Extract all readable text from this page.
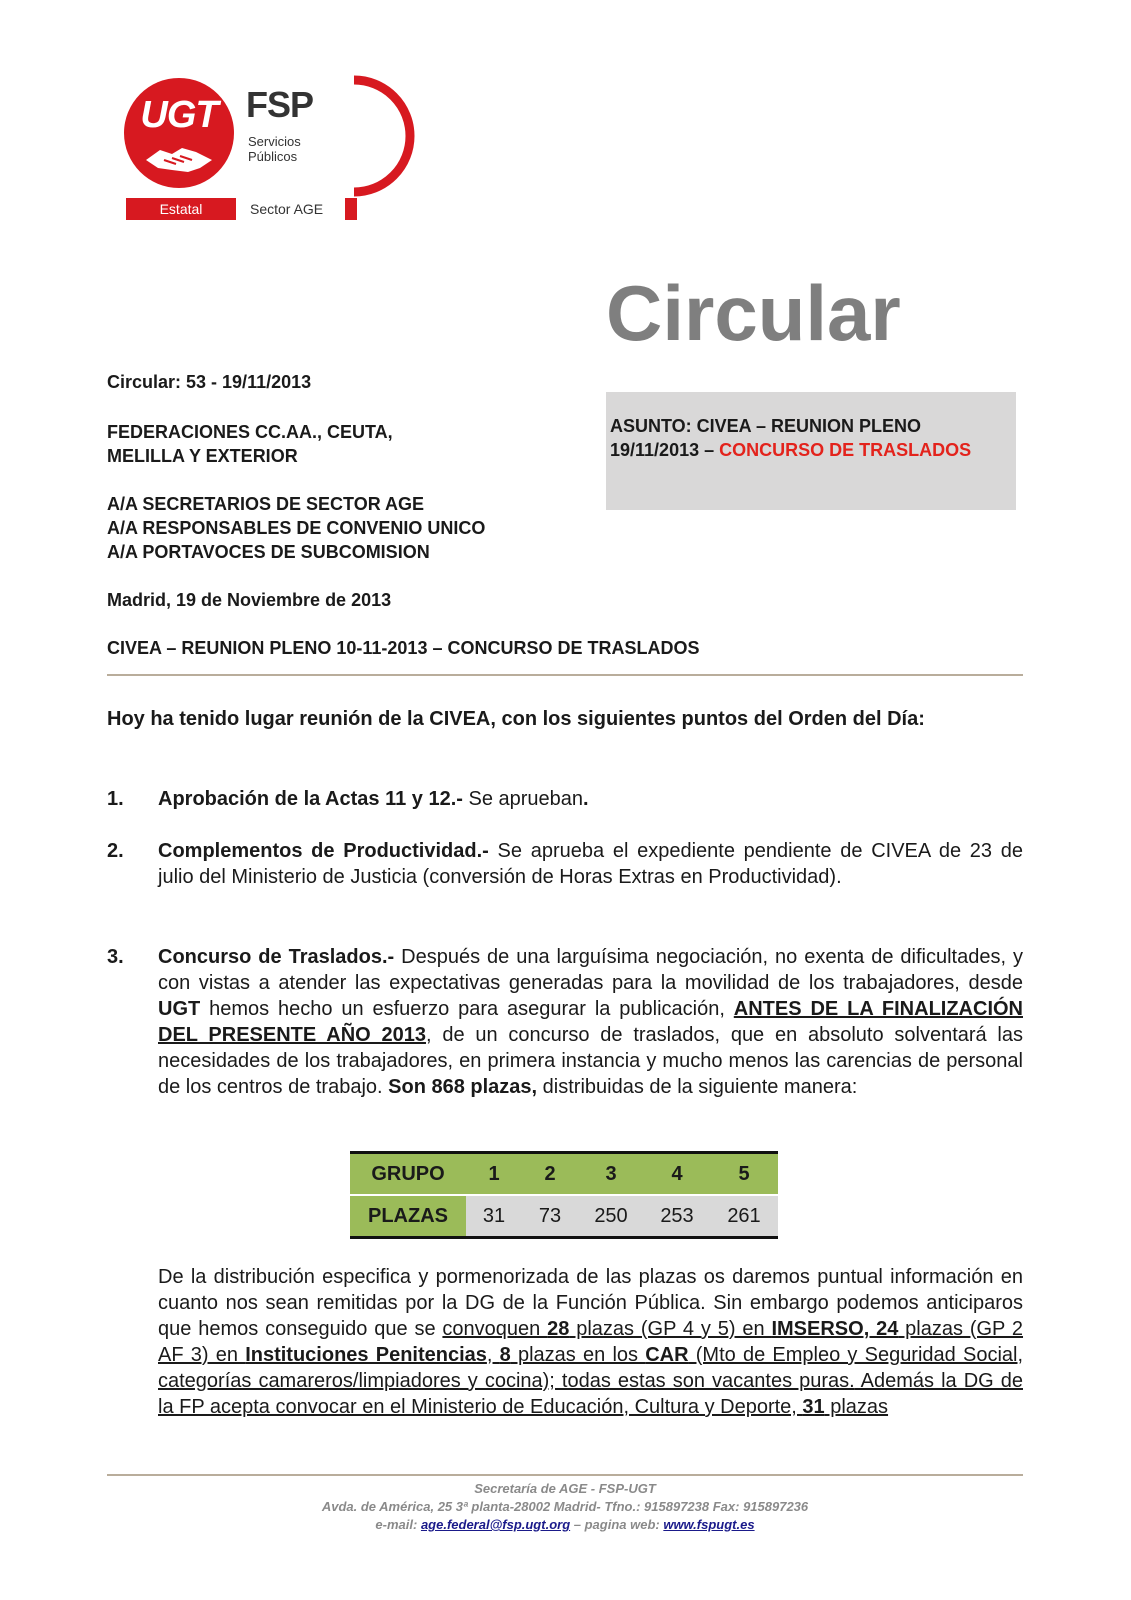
UGT FSP
Servicios
Públicos
Estatal	Sector AGE
Circular
Circular: 53 - 19/11/2013
FEDERACIONES CC.AA., CEUTA,
MELILLA Y EXTERIOR
A/A SECRETARIOS DE SECTOR AGE
A/A RESPONSABLES DE CONVENIO UNICO
A/A PORTAVOCES DE SUBCOMISION
Madrid, 19 de Noviembre de 2013
CIVEA – REUNION PLENO 10-11-2013 – CONCURSO DE TRASLADOS
ASUNTO: CIVEA – REUNION PLENO 19/11/2013 – CONCURSO DE TRASLADOS
Hoy ha tenido lugar reunión de la CIVEA, con los siguientes puntos del Orden del Día:
1. Aprobación de la Actas 11 y 12.- Se aprueban.
2. Complementos de Productividad.- Se aprueba el expediente pendiente de CIVEA de 23 de julio del Ministerio de Justicia (conversión de Horas Extras en Productividad).
3. Concurso de Traslados.- Después de una larguísima negociación, no exenta de dificultades, y con vistas a atender las expectativas generadas para la movilidad de los trabajadores, desde UGT hemos hecho un esfuerzo para asegurar la publicación, ANTES DE LA FINALIZACIÓN DEL PRESENTE AÑO 2013, de un concurso de traslados, que en absoluto solventará las necesidades de los trabajadores, en primera instancia y mucho menos las carencias de personal de los centros de trabajo. Son 868 plazas, distribuidas de la siguiente manera:
GRUPO	1	2	3	4	5
PLAZAS	31	73	250	253	261
De la distribución especifica y pormenorizada de las plazas os daremos puntual información en cuanto nos sean remitidas por la DG de la Función Pública. Sin embargo podemos anticiparos que hemos conseguido que se convoquen 28 plazas (GP 4 y 5) en IMSERSO, 24 plazas (GP 2 AF 3) en Instituciones Penitencias, 8 plazas en los CAR (Mto de Empleo y Seguridad Social, categorías camareros/limpiadores y cocina); todas estas son vacantes puras. Además la DG de la FP acepta convocar en el Ministerio de Educación, Cultura y Deporte, 31 plazas
Secretaría de AGE - FSP-UGT
Avda. de América, 25 3ª planta-28002 Madrid- Tfno.: 915897238 Fax: 915897236
e-mail: age.federal@fsp.ugt.org – pagina web: www.fspugt.es
